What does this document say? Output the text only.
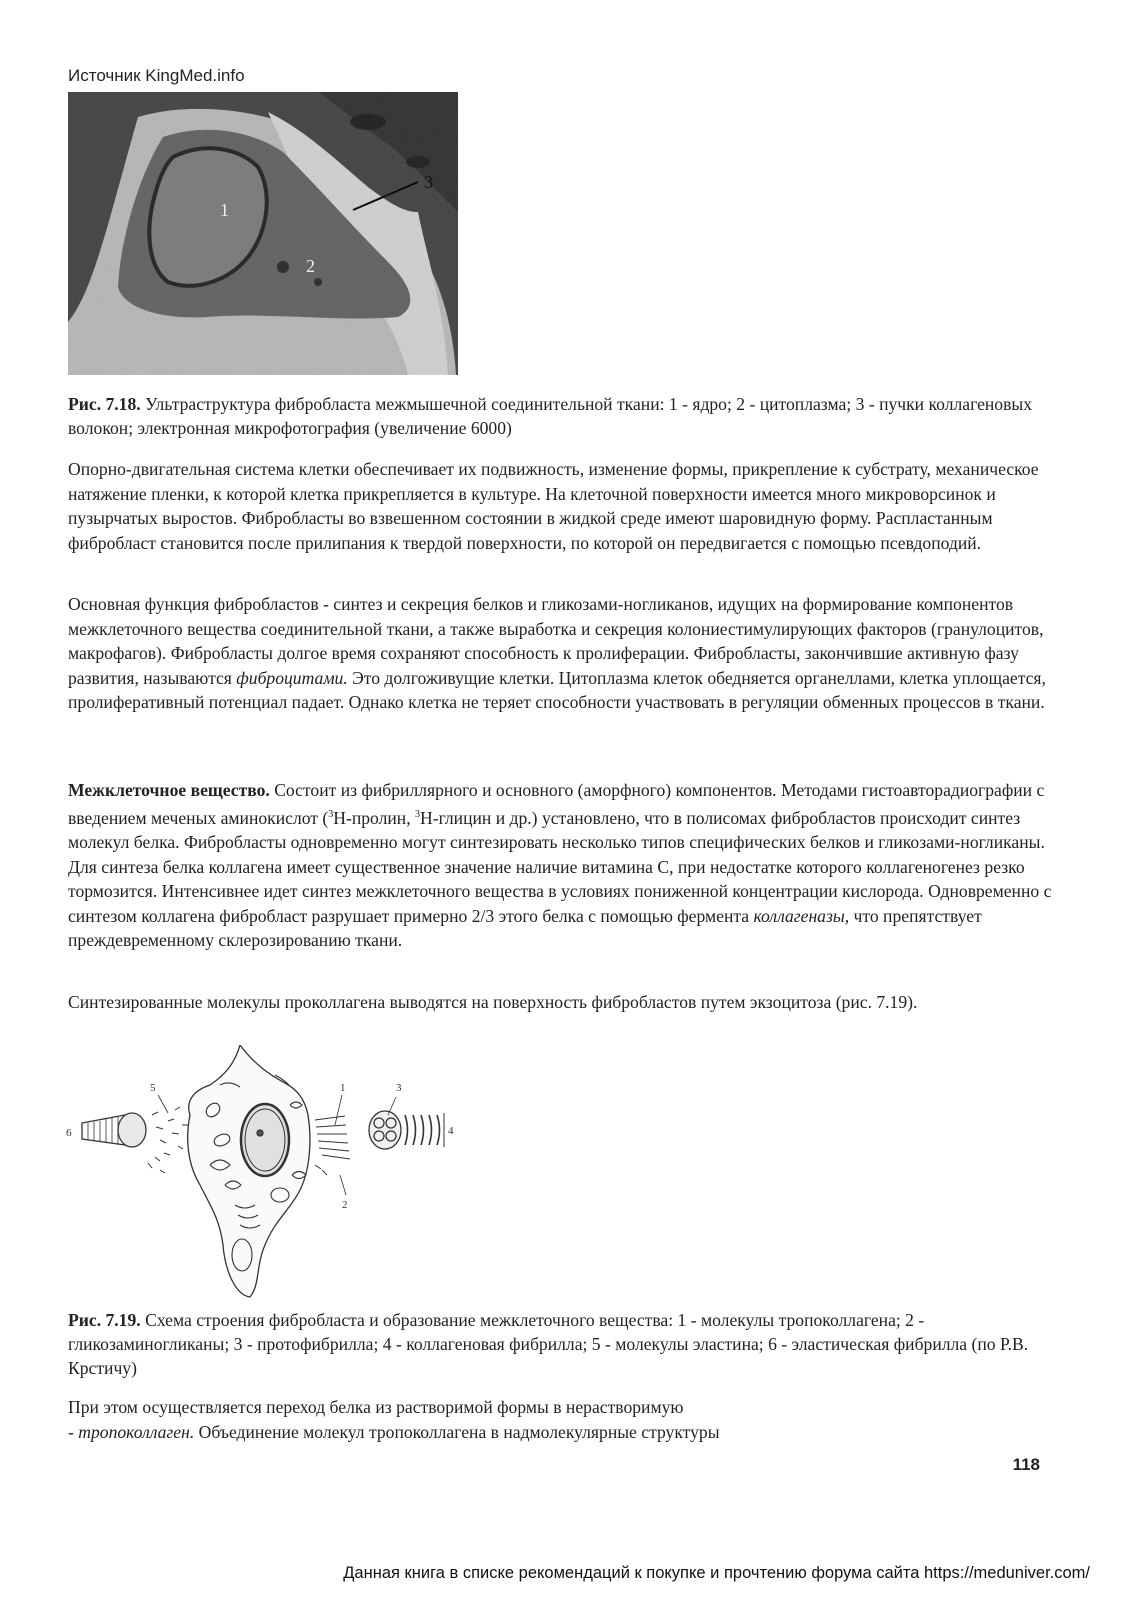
Источник KingMed.info
1
2
3
Рис. 7.18. Ультраструктура фибробласта межмышечной соединительной ткани: 1 - ядро; 2 - цитоплазма; 3 - пучки коллагеновых волокон; электронная микрофотография (увеличение 6000)
Опорно-двигательная система клетки обеспечивает их подвижность, изменение формы, прикрепление к субстрату, механическое натяжение пленки, к которой клетка прикрепляется в культуре. На клеточной поверхности имеется много микроворсинок и пузырчатых выростов. Фибробласты во взвешенном состоянии в жидкой среде имеют шаровидную форму. Распластанным фибробласт становится после прилипания к твердой поверхности, по которой он передвигается с помощью псевдоподий.
Основная функция фибробластов - синтез и секреция белков и гликозами-ногликанов, идущих на формирование компонентов межклеточного вещества соединительной ткани, а также выработка и секреция колониестимулирующих факторов (гранулоцитов, макрофагов). Фибробласты долгое время сохраняют способность к пролиферации. Фибробласты, закончившие активную фазу развития, называются фиброцитами. Это долгоживущие клетки. Цитоплазма клеток обедняется органеллами, клетка уплощается, пролиферативный потенциал падает. Однако клетка не теряет способности участвовать в регуляции обменных процессов в ткани.
Межклеточное вещество. Состоит из фибриллярного и основного (аморфного) компонентов. Методами гистоавторадиографии с введением меченых аминокислот ($^3$Н-пролин, $^3$Н-глицин и др.) установлено, что в полисомах фибробластов происходит синтез молекул белка. Фибробласты одновременно могут синтезировать несколько типов специфических белков и гликозами-ногликаны. Для синтеза белка коллагена имеет существенное значение наличие витамина С, при недостатке которого коллагеногенез резко тормозится. Интенсивнее идет синтез межклеточного вещества в условиях пониженной концентрации кислорода. Одновременно с синтезом коллагена фибробласт разрушает примерно 2/3 этого белка с помощью фермента коллагеназы, что препятствует преждевременному склерозированию ткани.
Синтезированные молекулы проколлагена выводятся на поверхность фибробластов путем экзоцитоза (рис. 7.19).
5	1	3
4
2
6
Рис. 7.19. Схема строения фибробласта и образование межклеточного вещества: 1 - молекулы тропоколлагена; 2 - гликозаминогликаны; 3 - протофибрилла; 4 - коллагеновая фибрилла; 5 - молекулы эластина; 6 - эластическая фибрилла (по Р.В. Крстичу)
При этом осуществляется переход белка из растворимой формы в нерастворимую
- тропоколлаген. Объединение молекул тропоколлагена в надмолекулярные структуры
118
Данная книга в списке рекомендаций к покупке и прочтению форума сайта https://meduniver.com/
